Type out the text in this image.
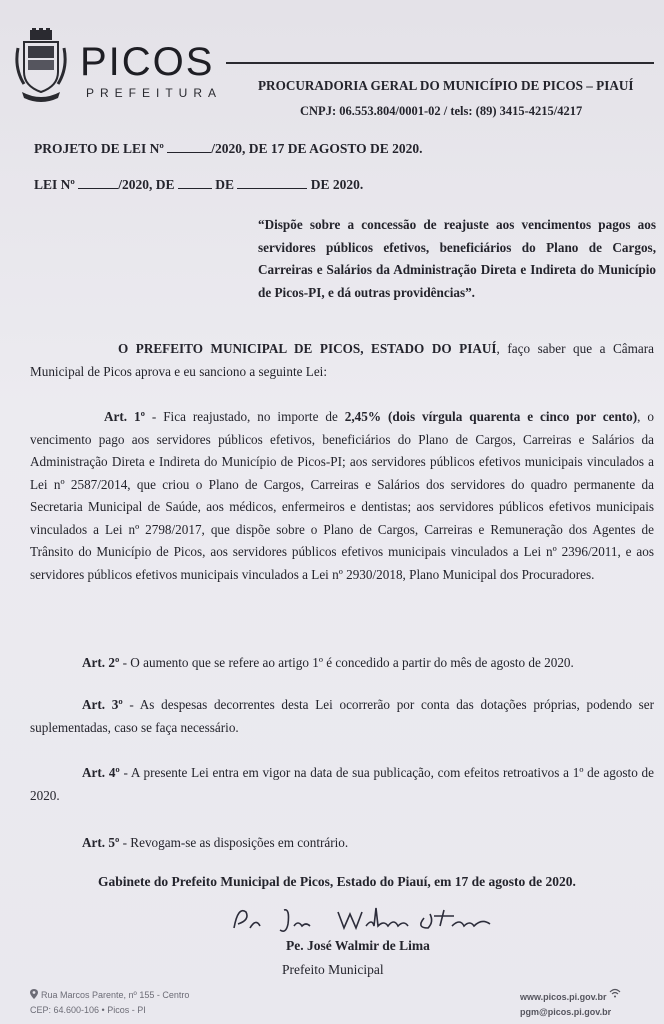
PICOS
PREFEITURA	PROCURADORIA GERAL DO MUNICÍPIO DE PICOS – PIAUÍ
CNPJ: 06.553.804/0001-02 / tels: (89) 3415-4215/4217
PROJETO DE LEI Nº	/2020, DE 17 DE AGOSTO DE 2020.
LEI Nº	/2020, DE	DE	DE 2020.
“Dispõe sobre a concessão de reajuste aos vencimentos pagos aos servidores públicos efetivos, beneficiários do Plano de Cargos, Carreiras e Salários da Administração Direta e Indireta do Município de Picos-PI, e dá outras providências”.
O PREFEITO MUNICIPAL DE PICOS, ESTADO DO PIAUÍ, faço saber que a Câmara Municipal de Picos aprova e eu sanciono a seguinte Lei:
Art. 1º - Fica reajustado, no importe de 2,45% (dois vírgula quarenta e cinco por cento), o vencimento pago aos servidores públicos efetivos, beneficiários do Plano de Cargos, Carreiras e Salários da Administração Direta e Indireta do Município de Picos-PI; aos servidores públicos efetivos municipais vinculados a Lei nº 2587/2014, que criou o Plano de Cargos, Carreiras e Salários dos servidores do quadro permanente da Secretaria Municipal de Saúde, aos médicos, enfermeiros e dentistas; aos servidores públicos efetivos municipais vinculados a Lei nº 2798/2017, que dispõe sobre o Plano de Cargos, Carreiras e Remuneração dos Agentes de Trânsito do Município de Picos, aos servidores públicos efetivos municipais vinculados a Lei nº 2396/2011, e aos servidores públicos efetivos municipais vinculados a Lei nº 2930/2018, Plano Municipal dos Procuradores.
Art. 2º - O aumento que se refere ao artigo 1º é concedido a partir do mês de agosto de 2020.
Art. 3º - As despesas decorrentes desta Lei ocorrerão por conta das dotações próprias, podendo ser suplementadas, caso se faça necessário.
Art. 4º - A presente Lei entra em vigor na data de sua publicação, com efeitos retroativos a 1º de agosto de 2020.
Art. 5º - Revogam-se as disposições em contrário.
Gabinete do Prefeito Municipal de Picos, Estado do Piauí, em 17 de agosto de 2020.
Pe. José Walmir de Lima
Prefeito Municipal
Rua Marcos Parente, nº 155 - Centro
CEP: 64.600-106 • Picos - PI
www.picos.pi.gov.br
pgm@picos.pi.gov.br
